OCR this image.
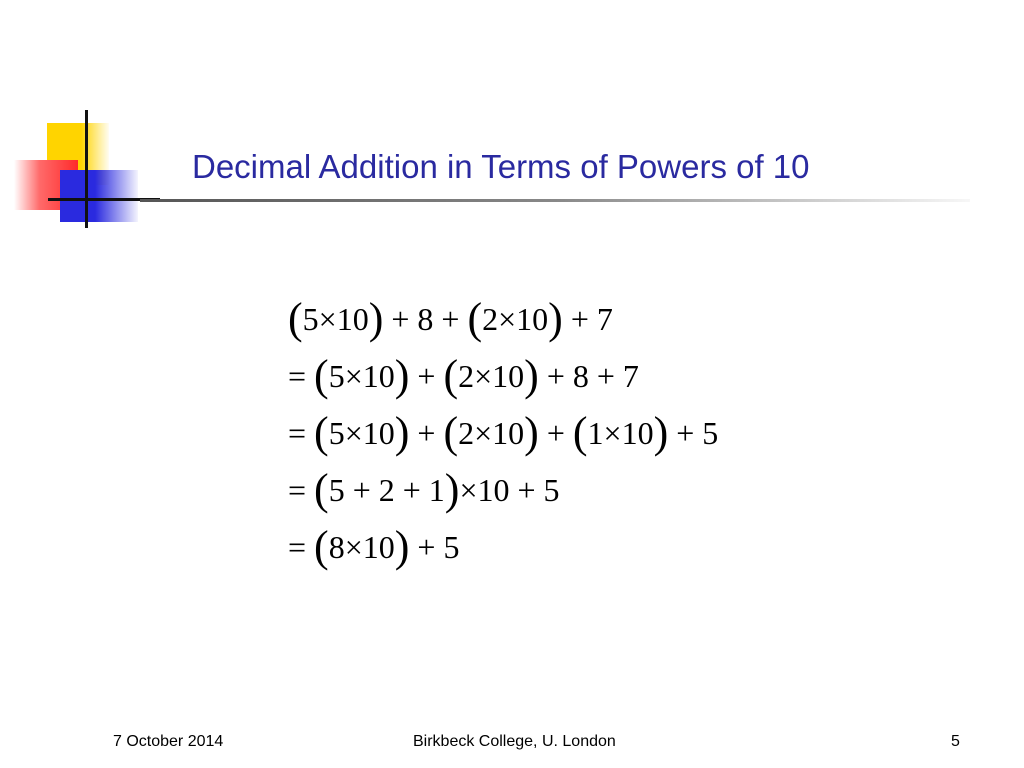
Decimal Addition in Terms of Powers of 10
(5×10) + 8 + (2×10) + 7
= (5×10) + (2×10) + 8 + 7
= (5×10) + (2×10) + (1×10) + 5
= (5 + 2 + 1)×10 + 5
= (8×10) + 5
7 October 2014	Birkbeck College, U. London	5
